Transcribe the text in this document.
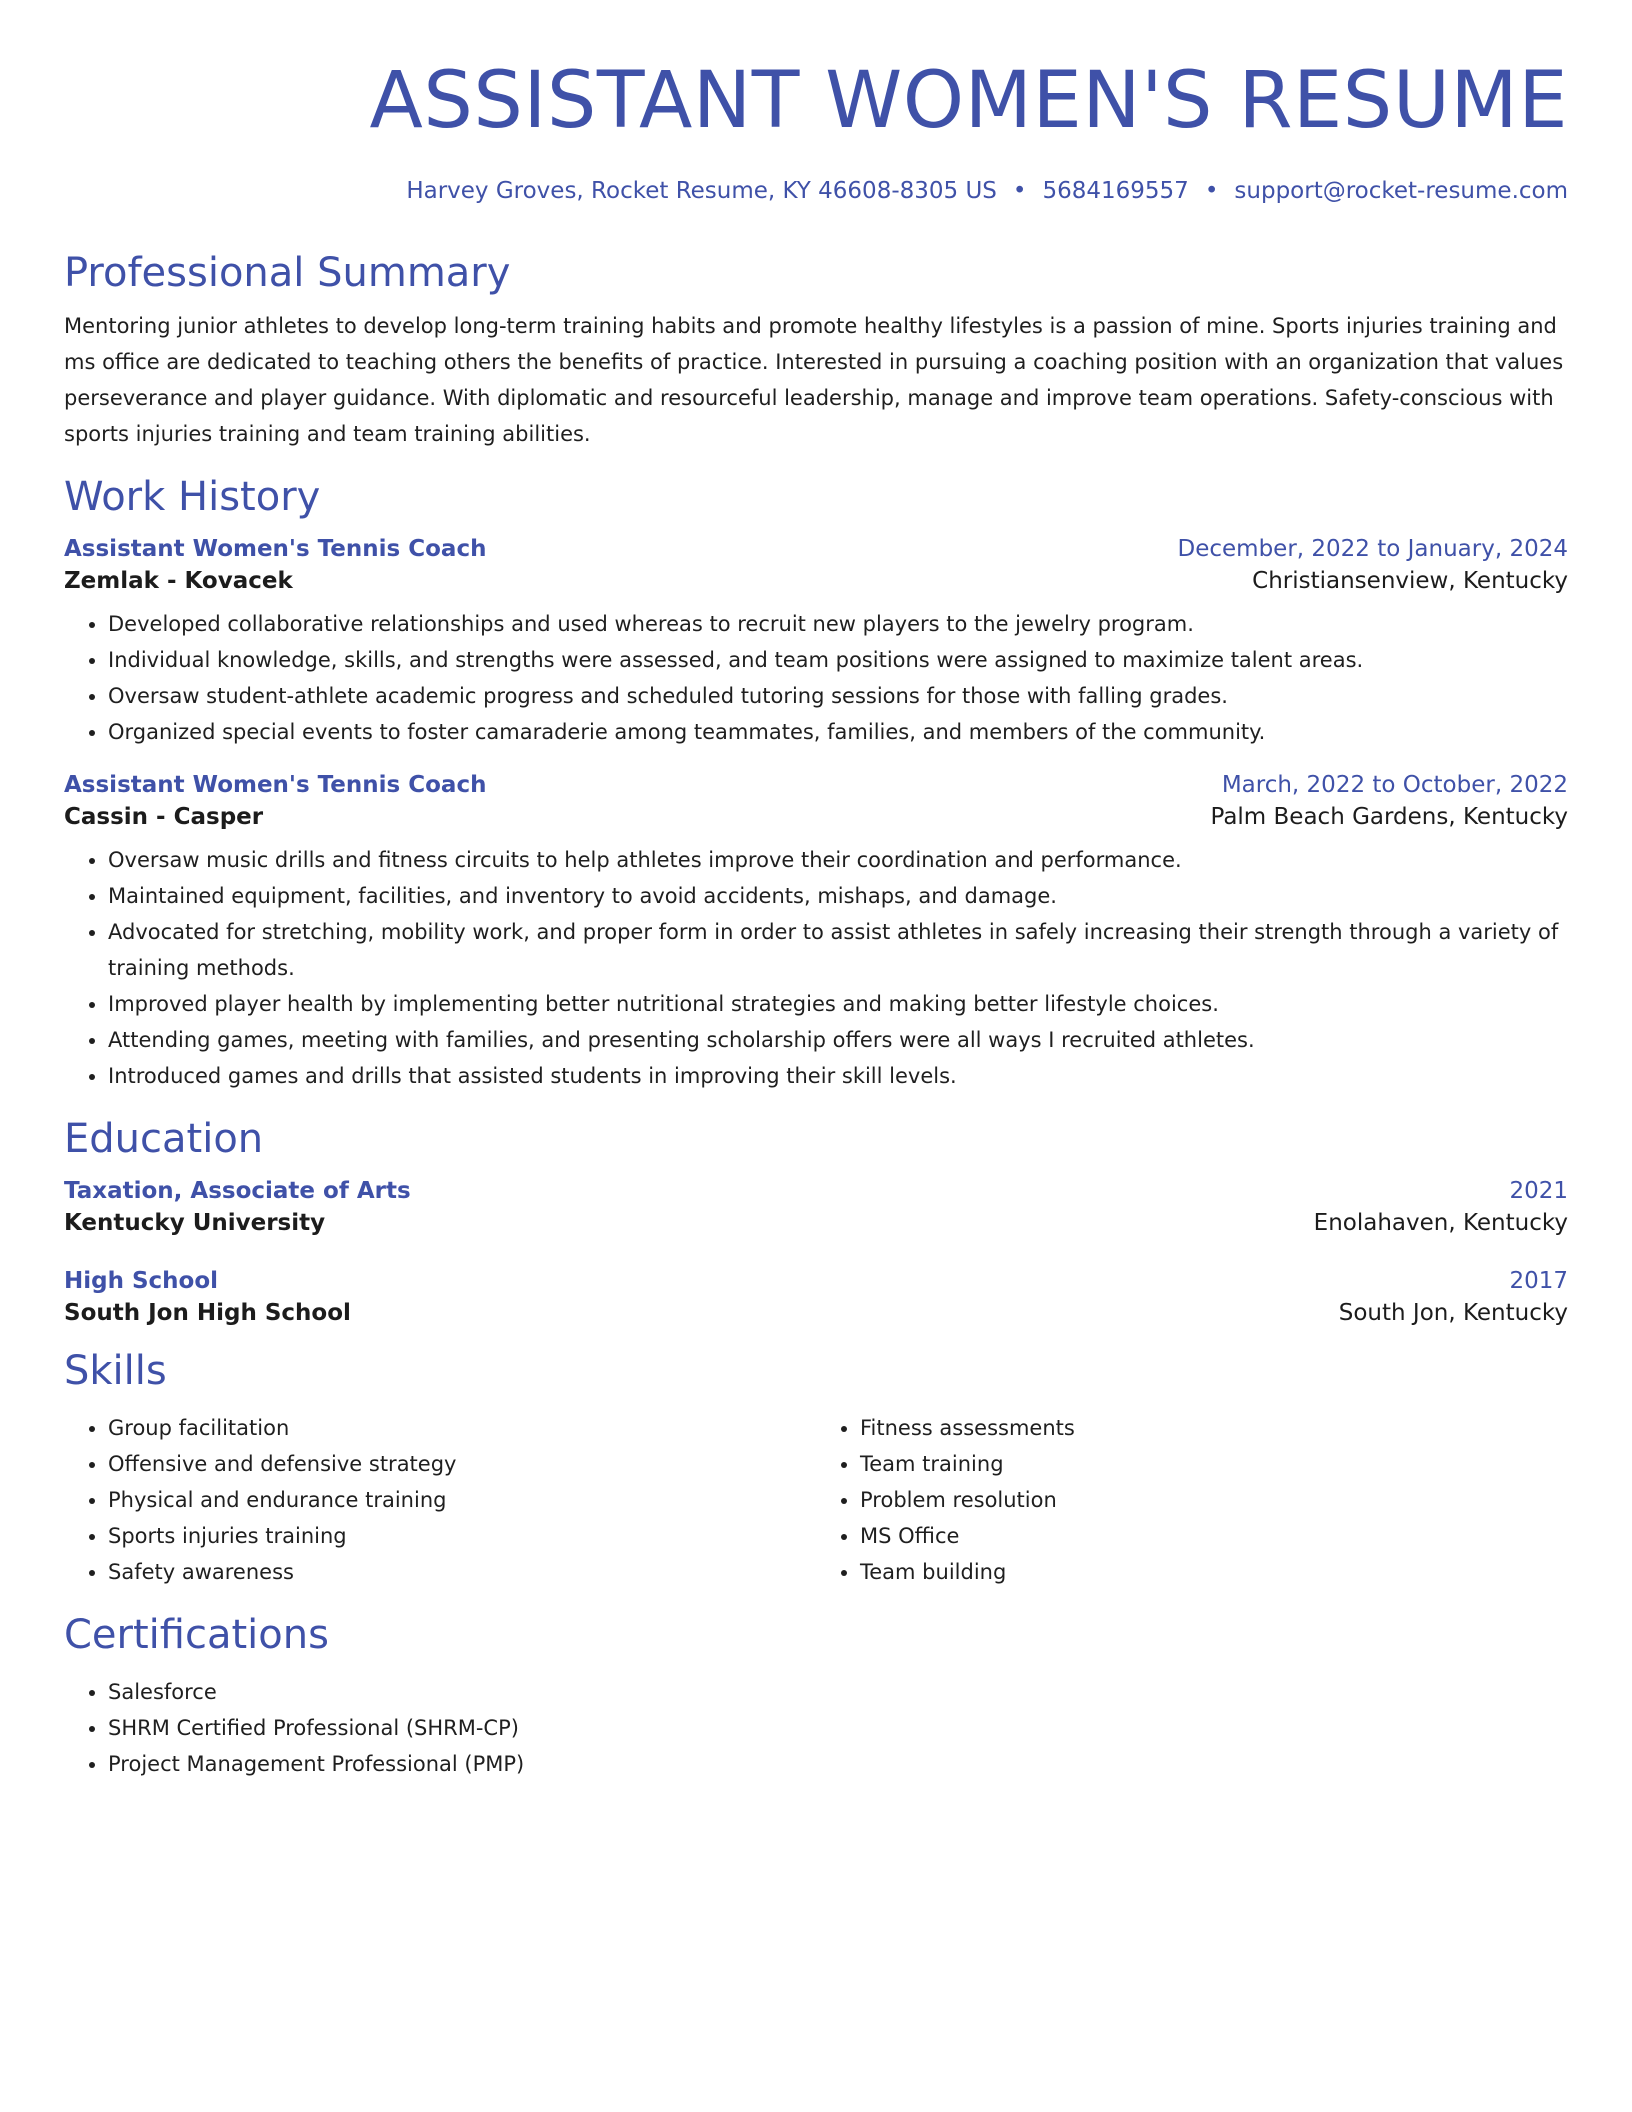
ASSISTANT WOMEN'S RESUME
Harvey Groves, Rocket Resume, KY 46608-8305 US • 5684169557 • support@rocket-resume.com
Professional Summary

Mentoring junior athletes to develop long-term training habits and promote healthy lifestyles is a passion of mine. Sports injuries training and ms office are dedicated to teaching others the benefits of practice. Interested in pursuing a coaching position with an organization that values perseverance and player guidance. With diplomatic and resourceful leadership, manage and improve team operations. Safety-conscious with sports injuries training and team training abilities.

Work History
Assistant Women's Tennis Coach	December, 2022 to January, 2024
Zemlak - Kovacek	Christiansenview, Kentucky
• Developed collaborative relationships and used whereas to recruit new players to the jewelry program.
• Individual knowledge, skills, and strengths were assessed, and team positions were assigned to maximize talent areas.
• Oversaw student-athlete academic progress and scheduled tutoring sessions for those with falling grades.
• Organized special events to foster camaraderie among teammates, families, and members of the community.
Assistant Women's Tennis Coach	March, 2022 to October, 2022
Cassin - Casper	Palm Beach Gardens, Kentucky
• Oversaw music drills and fitness circuits to help athletes improve their coordination and performance.
• Maintained equipment, facilities, and inventory to avoid accidents, mishaps, and damage.
• Advocated for stretching, mobility work, and proper form in order to assist athletes in safely increasing their strength through a variety of training methods.
• Improved player health by implementing better nutritional strategies and making better lifestyle choices.
• Attending games, meeting with families, and presenting scholarship offers were all ways I recruited athletes.
• Introduced games and drills that assisted students in improving their skill levels.
Education
Taxation, Associate of Arts	2021
Kentucky University	Enolahaven, Kentucky
High School	2017
South Jon High School	South Jon, Kentucky
Skills
• Group facilitation
• Offensive and defensive strategy
• Physical and endurance training
• Sports injuries training
• Safety awareness
• Fitness assessments
• Team training
• Problem resolution
• MS Office
• Team building
Certifications
• Salesforce
• SHRM Certified Professional (SHRM-CP)
• Project Management Professional (PMP)
